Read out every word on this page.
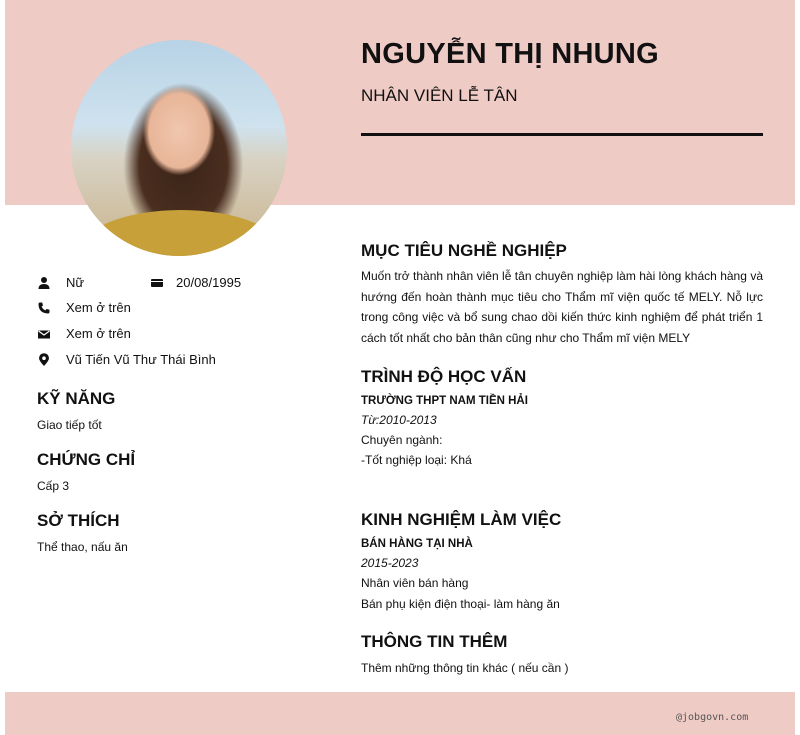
NGUYỄN THỊ NHUNG
NHÂN VIÊN LỄ TÂN
Nữ	20/08/1995
Xem ở trên
Xem ở trên
Vũ Tiến Vũ Thư Thái Bình
KỸ NĂNG
Giao tiếp tốt
CHỨNG CHỈ
Cấp 3
SỞ THÍCH
Thể thao, nấu ăn
MỤC TIÊU NGHỀ NGHIỆP
Muốn trở thành nhân viên lễ tân chuyên nghiệp làm hài lòng khách hàng và hướng đến hoàn thành mục tiêu cho Thẩm mĩ viện quốc tế MELY. Nỗ lực trong công việc và bổ sung chao dồi kiến thức kinh nghiệm để phát triển 1 cách tốt nhất cho bản thân cũng như cho Thẩm mĩ viện MELY
TRÌNH ĐỘ HỌC VẤN
TRƯỜNG THPT NAM TIỀN HẢI
Từ:2010-2013
Chuyên ngành:
-Tốt nghiệp loại: Khá
KINH NGHIỆM LÀM VIỆC
BÁN HÀNG TẠI NHÀ
2015-2023
Nhân viên bán hàng
Bán phụ kiện điện thoại- làm hàng ăn
THÔNG TIN THÊM
Thêm những thông tin khác ( nếu cần )
@jobgovn.com
